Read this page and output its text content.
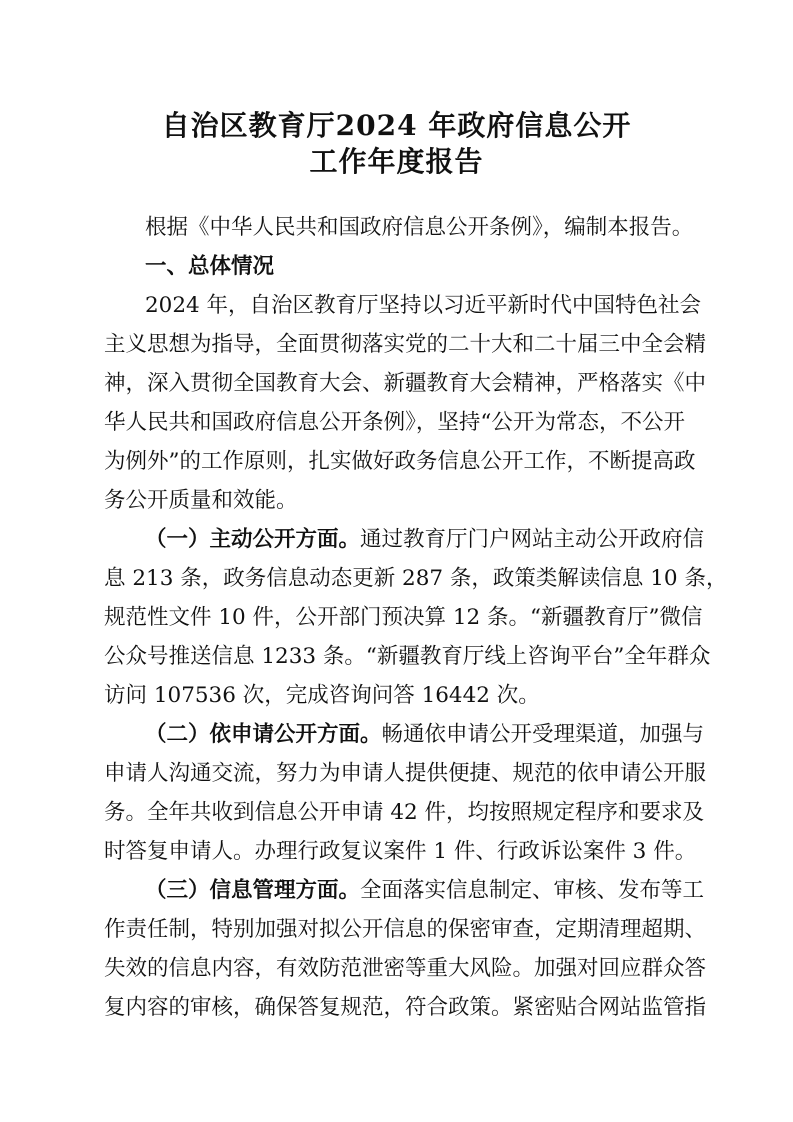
自治区教育厅2024 年政府信息公开
工作年度报告
根据《中华人民共和国政府信息公开条例》，编制本报告。
一、总体情况
2024 年，自治区教育厅坚持以习近平新时代中国特色社会
主义思想为指导，全面贯彻落实党的二十大和二十届三中全会精
神，深入贯彻全国教育大会、新疆教育大会精神，严格落实《中
华人民共和国政府信息公开条例》，坚持“公开为常态，不公开
为例外”的工作原则，扎实做好政务信息公开工作，不断提高政
务公开质量和效能。
（一）主动公开方面。通过教育厅门户网站主动公开政府信
息 213 条，政务信息动态更新 287 条，政策类解读信息 10 条，
规范性文件 10 件，公开部门预决算 12 条。“新疆教育厅”微信
公众号推送信息 1233 条。“新疆教育厅线上咨询平台”全年群众
访问 107536 次，完成咨询问答 16442 次。
（二）依申请公开方面。畅通依申请公开受理渠道，加强与
申请人沟通交流，努力为申请人提供便捷、规范的依申请公开服
务。全年共收到信息公开申请 42 件，均按照规定程序和要求及
时答复申请人。办理行政复议案件 1 件、行政诉讼案件 3 件。
（三）信息管理方面。全面落实信息制定、审核、发布等工
作责任制，特别加强对拟公开信息的保密审查，定期清理超期、
失效的信息内容，有效防范泄密等重大风险。加强对回应群众答
复内容的审核，确保答复规范，符合政策。紧密贴合网站监管指
